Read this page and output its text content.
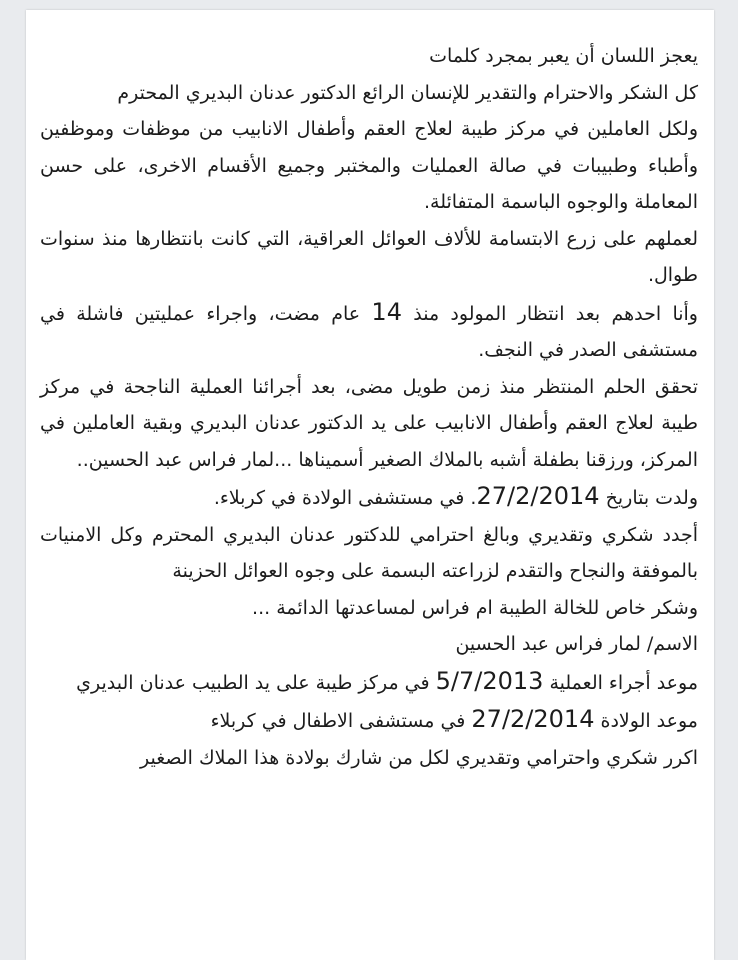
يعجز اللسان أن يعبر بمجرد كلمات

كل الشكر والاحترام والتقدير للإنسان الرائع الدكتور عدنان البديري المحترم

ولكل العاملين في مركز طيبة لعلاج العقم وأطفال الانابيب من موظفات وموظفين وأطباء وطبيبات في صالة العمليات والمختبر وجميع الأقسام الاخرى، على حسن المعاملة والوجوه الباسمة المتفائلة.

لعملهم على زرع الابتسامة للألاف العوائل العراقية، التي كانت بانتظارها منذ سنوات طوال.

وأنا احدهم بعد انتظار المولود منذ 14 عام مضت، واجراء عمليتين فاشلة في مستشفى الصدر في النجف.

تحقق الحلم المنتظر منذ زمن طويل مضى، بعد أجرائنا العملية الناجحة في مركز طيبة لعلاج العقم وأطفال الانابيب على يد الدكتور عدنان البديري وبقية العاملين في المركز، ورزقنا بطفلة أشبه بالملاك الصغير أسميناها ...لمار فراس عبد الحسين..

ولدت بتاريخ 27/2/2014. في مستشفى الولادة في كربلاء.

أجدد شكري وتقديري وبالغ احترامي للدكتور عدنان البديري المحترم وكل الامنيات بالموفقة والنجاح والتقدم لزراعته البسمة على وجوه العوائل الحزينة

وشكر خاص للخالة الطيبة ام فراس لمساعدتها الدائمة ...

الاسم/ لمار فراس عبد الحسين

موعد أجراء العملية 5/7/2013 في مركز طيبة على يد الطبيب عدنان البديري

موعد الولادة 27/2/2014 في مستشفى الاطفال في كربلاء

اكرر شكري واحترامي وتقديري لكل من شارك بولادة هذا الملاك الصغير
